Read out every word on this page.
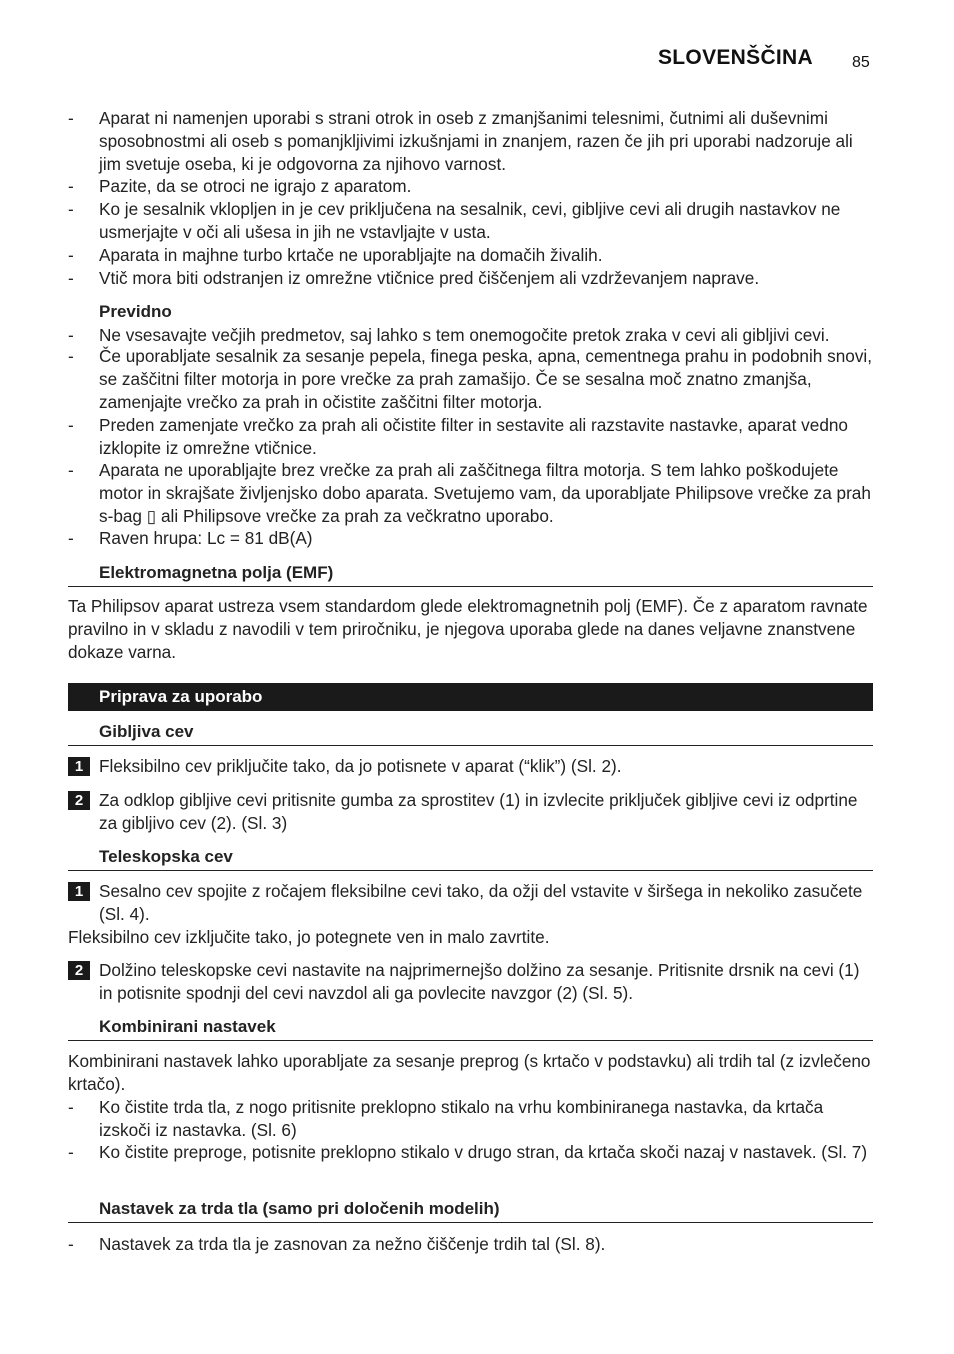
SLOVENŠČINA 85
- Aparat ni namenjen uporabi s strani otrok in oseb z zmanjšanimi telesnimi, čutnimi ali duševnimi sposobnostmi ali oseb s pomanjkljivimi izkušnjami in znanjem, razen če jih pri uporabi nadzoruje ali jim svetuje oseba, ki je odgovorna za njihovo varnost.
- Pazite, da se otroci ne igrajo z aparatom.
- Ko je sesalnik vklopljen in je cev priključena na sesalnik, cevi, gibljive cevi ali drugih nastavkov ne usmerjajte v oči ali ušesa in jih ne vstavljajte v usta.
- Aparata in majhne turbo krtače ne uporabljajte na domačih živalih.
- Vtič mora biti odstranjen iz omrežne vtičnice pred čiščenjem ali vzdrževanjem naprave.
Previdno
- Ne vsesavajte večjih predmetov, saj lahko s tem onemogočite pretok zraka v cevi ali gibljivi cevi.
- Če uporabljate sesalnik za sesanje pepela, finega peska, apna, cementnega prahu in podobnih snovi, se zaščitni filter motorja in pore vrečke za prah zamašijo. Če se sesalna moč znatno zmanjša, zamenjajte vrečko za prah in očistite zaščitni filter motorja.
- Preden zamenjate vrečko za prah ali očistite filter in sestavite ali razstavite nastavke, aparat vedno izklopite iz omrežne vtičnice.
- Aparata ne uporabljajte brez vrečke za prah ali zaščitnega filtra motorja. S tem lahko poškodujete motor in skrajšate življenjsko dobo aparata. Svetujemo vam, da uporabljate Philipsove vrečke za prah s-bag ▯ ali Philipsove vrečke za prah za večkratno uporabo.
- Raven hrupa: Lc = 81 dB(A)
Elektromagnetna polja (EMF)
Ta Philipsov aparat ustreza vsem standardom glede elektromagnetnih polj (EMF). Če z aparatom ravnate pravilno in v skladu z navodili v tem priročniku, je njegova uporaba glede na danes veljavne znanstvene dokaze varna.
Priprava za uporabo
Gibljiva cev
1 Fleksibilno cev priključite tako, da jo potisnete v aparat (“klik”) (Sl. 2).
2 Za odklop gibljive cevi pritisnite gumba za sprostitev (1) in izvlecite priključek gibljive cevi iz odprtine za gibljivo cev (2). (Sl. 3)
Teleskopska cev
1 Sesalno cev spojite z ročajem fleksibilne cevi tako, da ožji del vstavite v širšega in nekoliko zasučete (Sl. 4).
Fleksibilno cev izključite tako, jo potegnete ven in malo zavrtite.
2 Dolžino teleskopske cevi nastavite na najprimernejšo dolžino za sesanje. Pritisnite drsnik na cevi (1) in potisnite spodnji del cevi navzdol ali ga povlecite navzgor (2) (Sl. 5).
Kombinirani nastavek
Kombinirani nastavek lahko uporabljate za sesanje preprog (s krtačo v podstavku) ali trdih tal (z izvlečeno krtačo).
- Ko čistite trda tla, z nogo pritisnite preklopno stikalo na vrhu kombiniranega nastavka, da krtača izskoči iz nastavka. (Sl. 6)
- Ko čistite preproge, potisnite preklopno stikalo v drugo stran, da krtača skoči nazaj v nastavek. (Sl. 7)
Nastavek za trda tla (samo pri določenih modelih)
- Nastavek za trda tla je zasnovan za nežno čiščenje trdih tal (Sl. 8).
